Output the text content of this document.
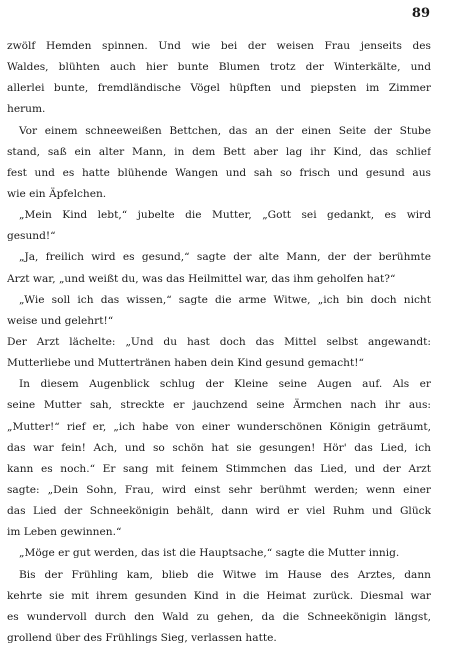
89
zwölf Hemden spinnen. Und wie bei der weisen Frau jenseits des
Waldes, blühten auch hier bunte Blumen trotz der Winterkälte, und
allerlei bunte, fremdländische Vögel hüpften und piepsten im Zimmer
herum.
Vor einem schneeweißen Bettchen, das an der einen Seite der Stube
stand, saß ein alter Mann, in dem Bett aber lag ihr Kind, das schlief
fest und es hatte blühende Wangen und sah so frisch und gesund aus
wie ein Äpfelchen.
„Mein Kind lebt,“ jubelte die Mutter, „Gott sei gedankt, es wird
gesund!“
„Ja, freilich wird es gesund,“ sagte der alte Mann, der der berühmte
Arzt war, „und weißt du, was das Heilmittel war, das ihm geholfen hat?“
„Wie soll ich das wissen,“ sagte die arme Witwe, „ich bin doch nicht
weise und gelehrt!“
Der Arzt lächelte: „Und du hast doch das Mittel selbst angewandt:
Mutterliebe und Muttertränen haben dein Kind gesund gemacht!“
In diesem Augenblick schlug der Kleine seine Augen auf. Als er
seine Mutter sah, streckte er jauchzend seine Ärmchen nach ihr aus:
„Mutter!“ rief er, „ich habe von einer wunderschönen Königin geträumt,
das war fein! Ach, und so schön hat sie gesungen! Hör' das Lied, ich
kann es noch.“ Er sang mit feinem Stimmchen das Lied, und der Arzt
sagte: „Dein Sohn, Frau, wird einst sehr berühmt werden; wenn einer
das Lied der Schneekönigin behält, dann wird er viel Ruhm und Glück
im Leben gewinnen.“
„Möge er gut werden, das ist die Hauptsache,“ sagte die Mutter innig.
Bis der Frühling kam, blieb die Witwe im Hause des Arztes, dann
kehrte sie mit ihrem gesunden Kind in die Heimat zurück. Diesmal war
es wundervoll durch den Wald zu gehen, da die Schneekönigin längst,
grollend über des Frühlings Sieg, verlassen hatte.
